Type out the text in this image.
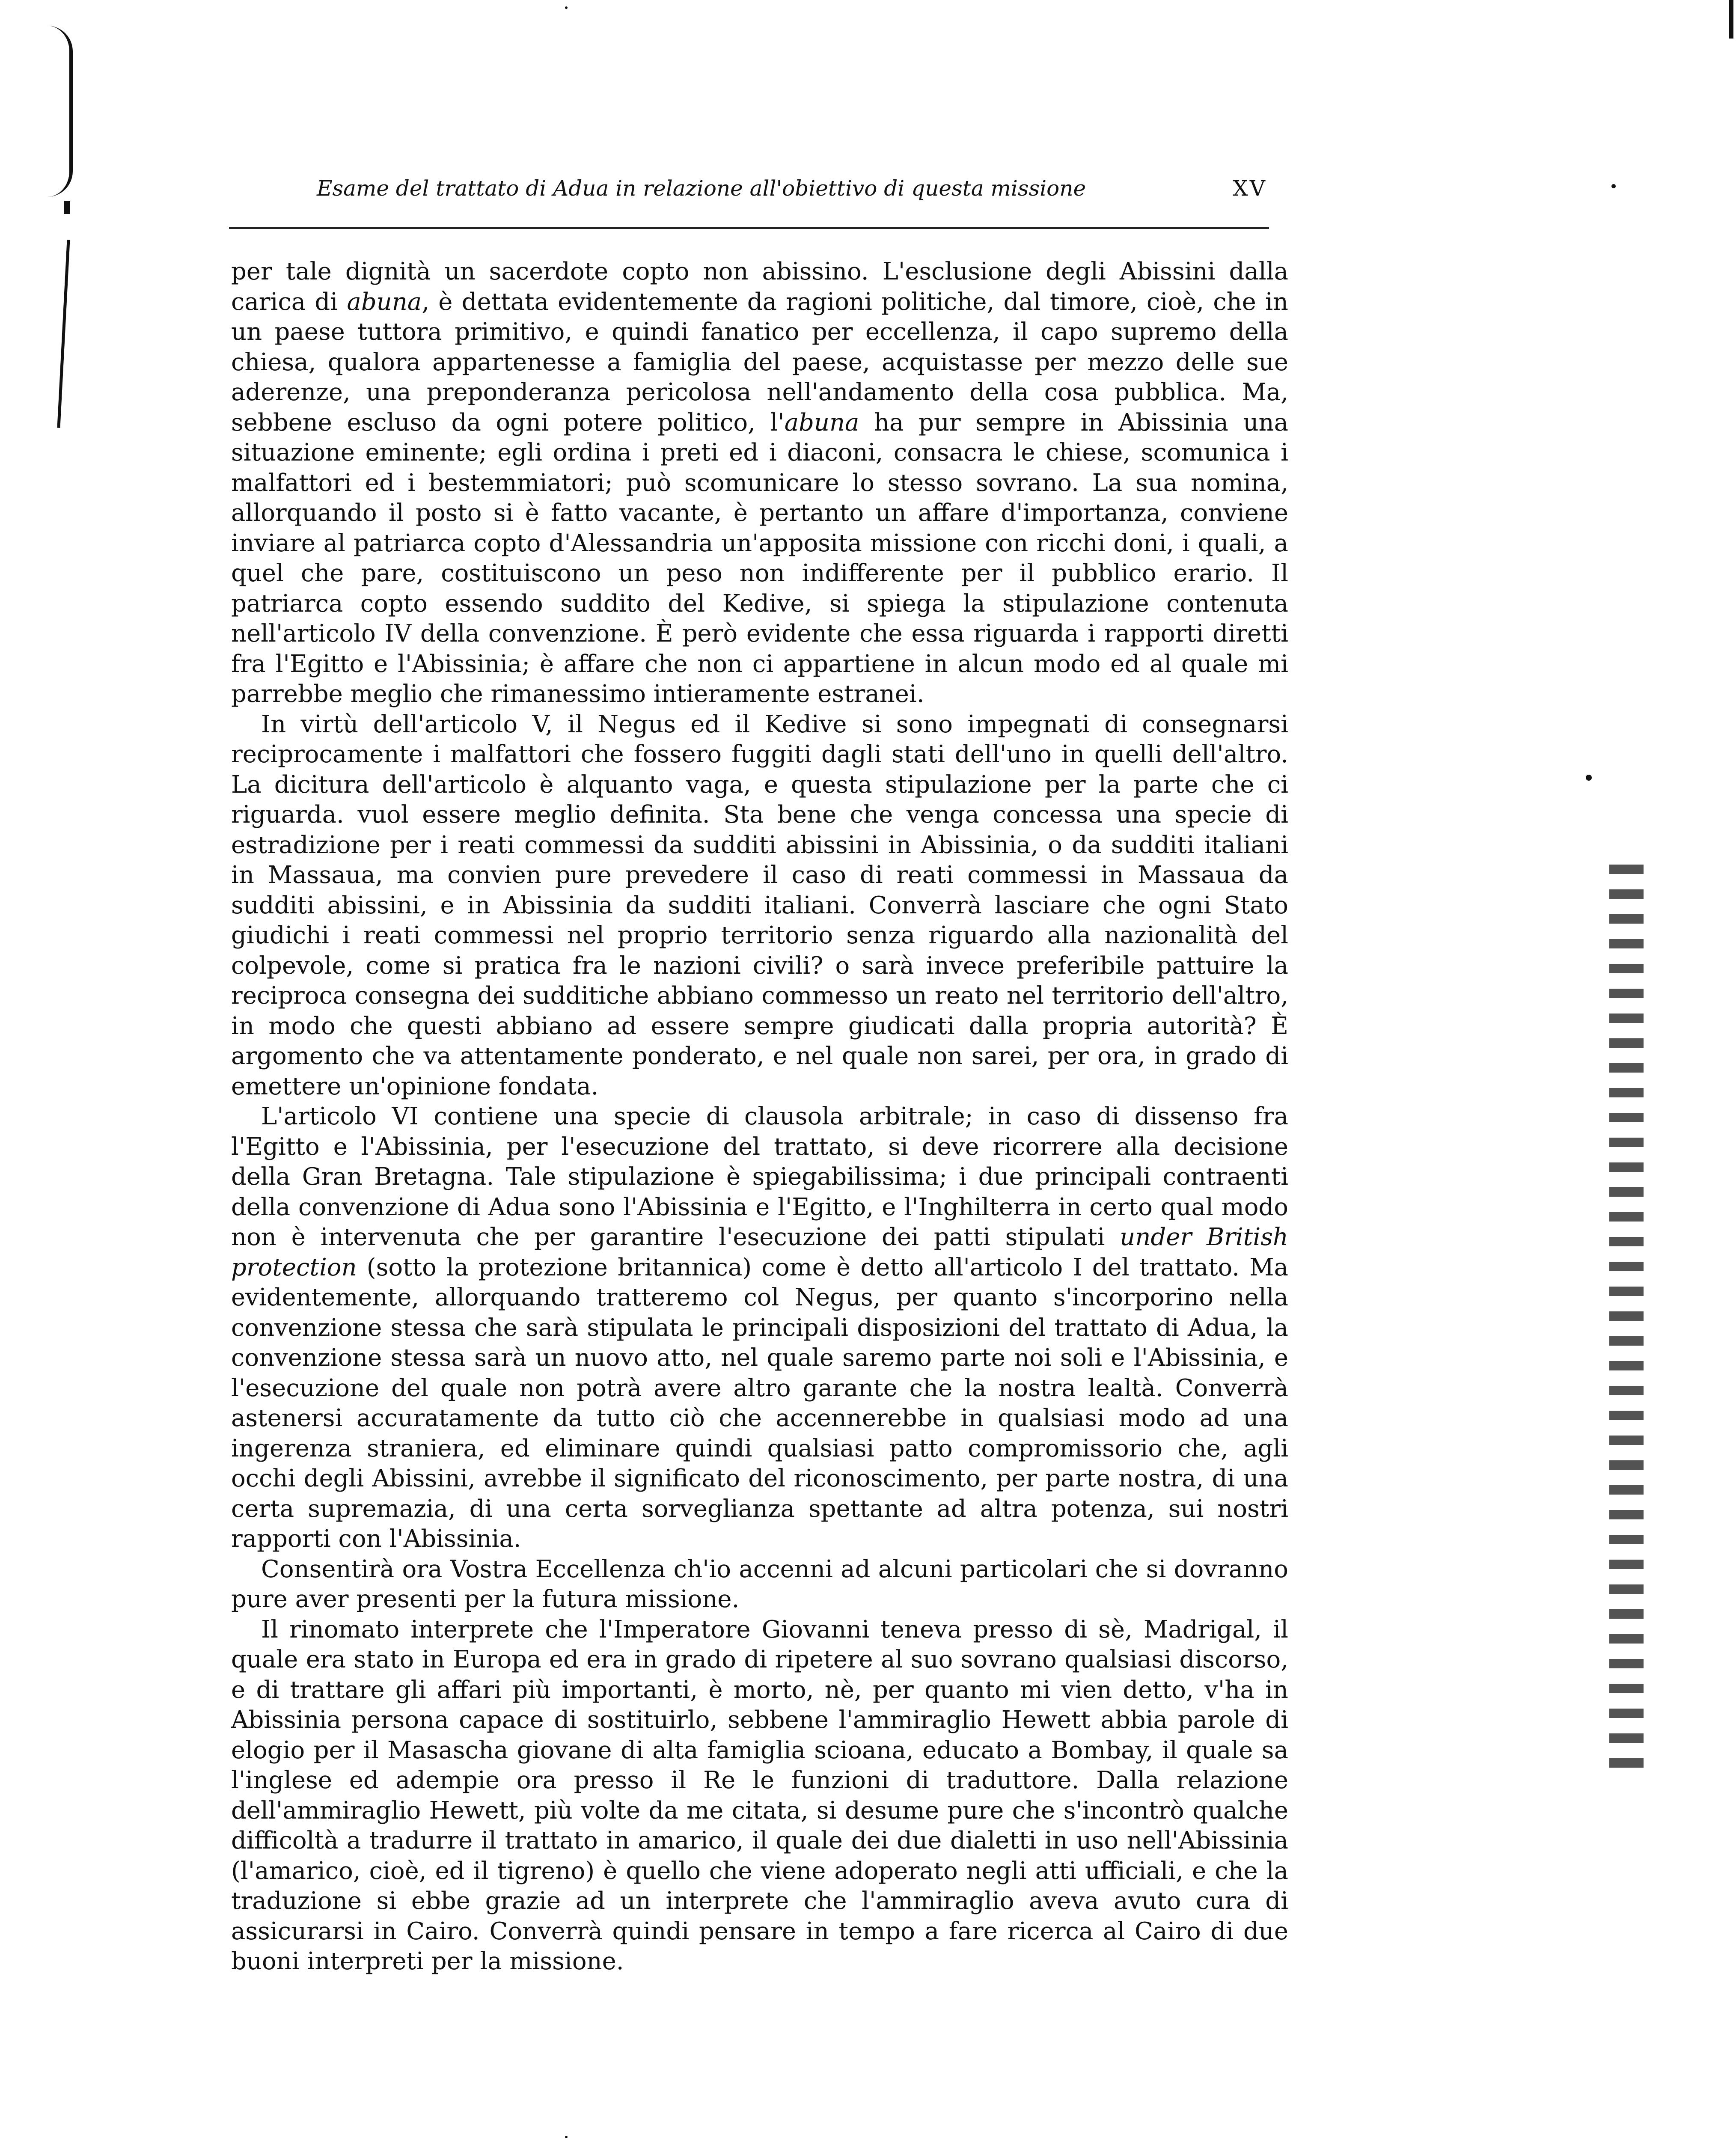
Esame del trattato di Adua in relazione all'obiettivo di questa missione	XV

per tale dignità un sacerdote copto non abissino. L'esclusione degli Abissini dalla carica di abuna, è dettata evidentemente da ragioni politiche, dal timore, cioè, che in un paese tuttora primitivo, e quindi fanatico per eccellenza, il capo supremo della chiesa, qualora appartenesse a famiglia del paese, acquistasse per mezzo delle sue aderenze, una preponderanza pericolosa nell'andamento della cosa pubblica. Ma, sebbene escluso da ogni potere politico, l'abuna ha pur sempre in Abissinia una situazione eminente; egli ordina i preti ed i diaconi, consacra le chiese, scomunica i malfattori ed i bestemmiatori; può scomunicare lo stesso sovrano. La sua nomina, allorquando il posto si è fatto vacante, è pertanto un affare d'importanza, conviene inviare al patriarca copto d'Alessandria un'apposita missione con ricchi doni, i quali, a quel che pare, costituiscono un peso non indifferente per il pubblico erario. Il patriarca copto essendo suddito del Kedive, si spiega la stipulazione contenuta nell'articolo IV della convenzione. È però evidente che essa riguarda i rapporti diretti fra l'Egitto e l'Abissinia; è affare che non ci appartiene in alcun modo ed al quale mi parrebbe meglio che rimanessimo intieramente estranei.

In virtù dell'articolo V, il Negus ed il Kedive si sono impegnati di consegnarsi reciprocamente i malfattori che fossero fuggiti dagli stati dell'uno in quelli dell'altro. La dicitura dell'articolo è alquanto vaga, e questa stipulazione per la parte che ci riguarda. vuol essere meglio definita. Sta bene che venga concessa una specie di estradizione per i reati commessi da sudditi abissini in Abissinia, o da sudditi italiani in Massaua, ma convien pure prevedere il caso di reati commessi in Massaua da sudditi abissini, e in Abissinia da sudditi italiani. Converrà lasciare che ogni Stato giudichi i reati commessi nel proprio territorio senza riguardo alla nazionalità del colpevole, come si pratica fra le nazioni civili? o sarà invece preferibile pattuire la reciproca consegna dei sudditiche abbiano commesso un reato nel territorio dell'altro, in modo che questi abbiano ad essere sempre giudicati dalla propria autorità? È argomento che va attentamente ponderato, e nel quale non sarei, per ora, in grado di emettere un'opinione fondata.

L'articolo VI contiene una specie di clausola arbitrale; in caso di dissenso fra l'Egitto e l'Abissinia, per l'esecuzione del trattato, si deve ricorrere alla decisione della Gran Bretagna. Tale stipulazione è spiegabilissima; i due principali contraenti della convenzione di Adua sono l'Abissinia e l'Egitto, e l'Inghilterra in certo qual modo non è intervenuta che per garantire l'esecuzione dei patti stipulati under British protection (sotto la protezione britannica) come è detto all'articolo I del trattato. Ma evidentemente, allorquando tratteremo col Negus, per quanto s'incorporino nella convenzione stessa che sarà stipulata le principali disposizioni del trattato di Adua, la convenzione stessa sarà un nuovo atto, nel quale saremo parte noi soli e l'Abissinia, e l'esecuzione del quale non potrà avere altro garante che la nostra lealtà. Converrà astenersi accuratamente da tutto ciò che accennerebbe in qualsiasi modo ad una ingerenza straniera, ed eliminare quindi qualsiasi patto compromissorio che, agli occhi degli Abissini, avrebbe il significato del riconoscimento, per parte nostra, di una certa supremazia, di una certa sorveglianza spettante ad altra potenza, sui nostri rapporti con l'Abissinia.

Consentirà ora Vostra Eccellenza ch'io accenni ad alcuni particolari che si dovranno pure aver presenti per la futura missione.

Il rinomato interprete che l'Imperatore Giovanni teneva presso di sè, Madrigal, il quale era stato in Europa ed era in grado di ripetere al suo sovrano qualsiasi discorso, e di trattare gli affari più importanti, è morto, nè, per quanto mi vien detto, v'ha in Abissinia persona capace di sostituirlo, sebbene l'ammiraglio Hewett abbia parole di elogio per il Masascha giovane di alta famiglia scioana, educato a Bombay, il quale sa l'inglese ed adempie ora presso il Re le funzioni di traduttore. Dalla relazione dell'ammiraglio Hewett, più volte da me citata, si desume pure che s'incontrò qualche difficoltà a tradurre il trattato in amarico, il quale dei due dialetti in uso nell'Abissinia (l'amarico, cioè, ed il tigreno) è quello che viene adoperato negli atti ufficiali, e che la traduzione si ebbe grazie ad un interprete che l'ammiraglio aveva avuto cura di assicurarsi in Cairo. Converrà quindi pensare in tempo a fare ricerca al Cairo di due buoni interpreti per la missione.
